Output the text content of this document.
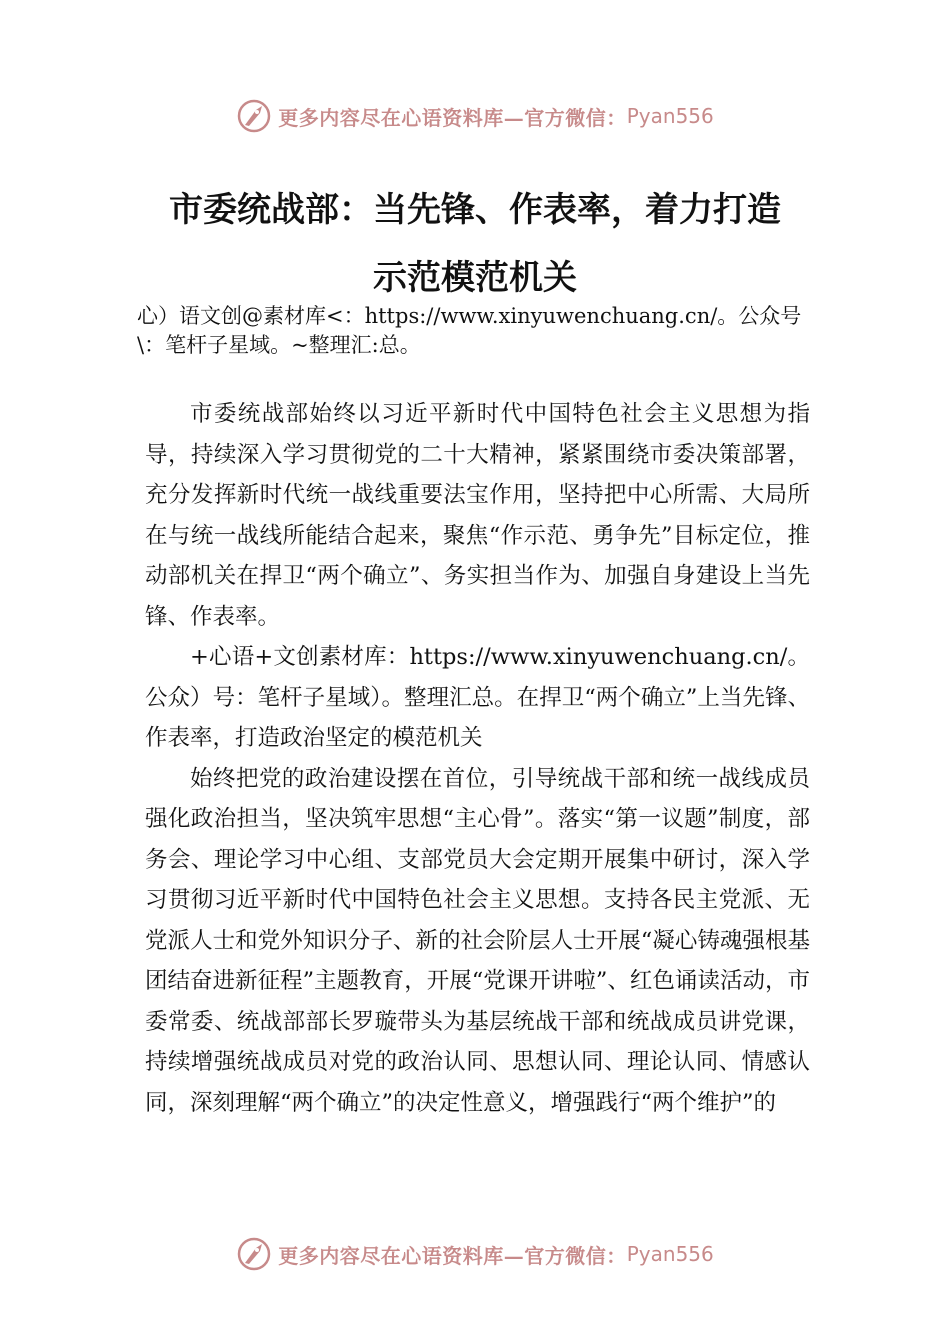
更多内容尽在心语资料库—官方微信： Pyan556
市委统战部：当先锋、作表率，着力打造
示范模范机关
心）语文创@素材库<：https://www.xinyuwenchuang.cn/。公众号\：笔杆子星域。~整理汇:总。

市委统战部始终以习近平新时代中国特色社会主义思想为指导，持续深入学习贯彻党的二十大精神，紧紧围绕市委决策部署，充分发挥新时代统一战线重要法宝作用，坚持把中心所需、大局所在与统一战线所能结合起来，聚焦“作示范、勇争先”目标定位，推动部机关在捍卫“两个确立”、务实担当作为、加强自身建设上当先锋、作表率。

+心语+文创素材库：https://www.xinyuwenchuang.cn/。公众）号：笔杆子星域）。整理汇总。在捍卫“两个确立”上当先锋、作表率，打造政治坚定的模范机关

始终把党的政治建设摆在首位，引导统战干部和统一战线成员强化政治担当，坚决筑牢思想“主心骨”。落实“第一议题”制度，部务会、理论学习中心组、支部党员大会定期开展集中研讨，深入学习贯彻习近平新时代中国特色社会主义思想。支持各民主党派、无党派人士和党外知识分子、新的社会阶层人士开展“凝心铸魂强根基 团结奋进新征程”主题教育，开展“党课开讲啦”、红色诵读活动，市委常委、统战部部长罗璇带头为基层统战干部和统战成员讲党课，持续增强统战成员对党的政治认同、思想认同、理论认同、情感认同，深刻理解“两个确立”的决定性意义，增强践行“两个维护”的

更多内容尽在心语资料库—官方微信： Pyan556
